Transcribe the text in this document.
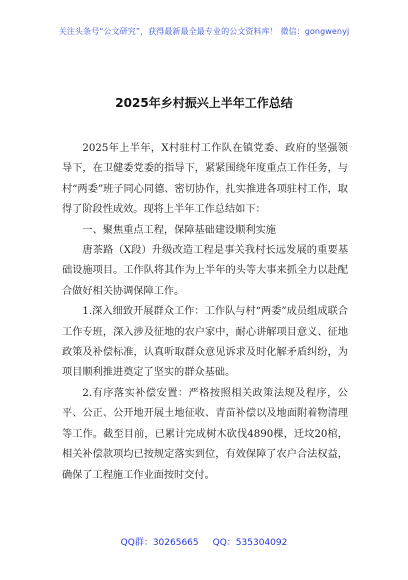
关注头条号“公文研究”，获得最新最全最专业的公文资料库！ 微信：gongwenyj
2025年乡村振兴上半年工作总结

2025年上半年，X村驻村工作队在镇党委、政府的坚强领导下，在卫健委党委的指导下，紧紧围绕年度重点工作任务，与村“两委”班子同心同德、密切协作，扎实推进各项驻村工作，取得了阶段性成效。现将上半年工作总结如下：

一、聚焦重点工程，保障基础建设顺利实施

唐茶路（X段）升级改造工程是事关我村长远发展的重要基础设施项目。工作队将其作为上半年的头等大事来抓全力以赴配合做好相关协调保障工作。

1.深入细致开展群众工作：工作队与村“两委”成员组成联合工作专班，深入涉及征地的农户家中，耐心讲解项目意义、征地政策及补偿标准，认真听取群众意见诉求及时化解矛盾纠纷，为项目顺利推进奠定了坚实的群众基础。

2.有序落实补偿安置：严格按照相关政策法规及程序，公平、公正、公开地开展土地征收、青苗补偿以及地面附着物清理等工作。截至目前，已累计完成树木砍伐4890棵，迁坟20棺，相关补偿款项均已按规定落实到位，有效保障了农户合法权益，确保了工程施工作业面按时交付。

QQ群：30265665 QQ：535304092
